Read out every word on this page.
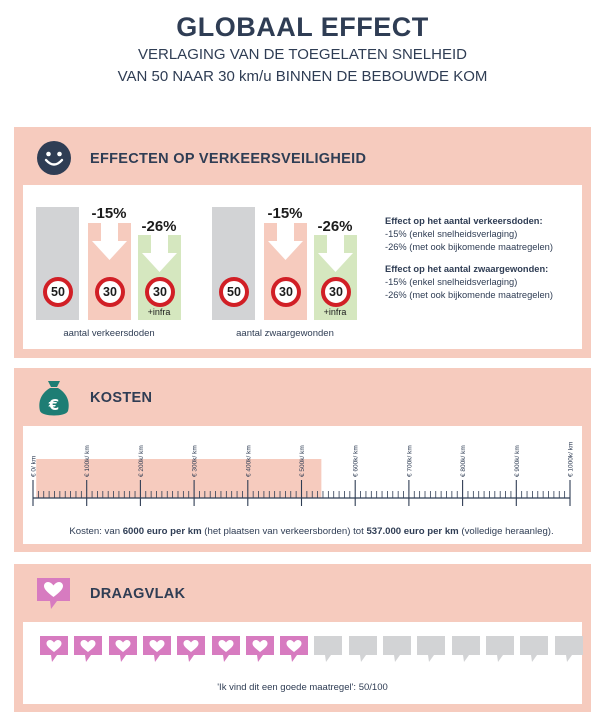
GLOBAAL EFFECT
VERLAGING VAN DE TOEGELATEN SNELHEID
VAN 50 NAAR 30 km/u BINNEN DE BEBOUWDE KOM
EFFECTEN OP VERKEERSVEILIGHEID
-15%
-26%
50	30	30
+infra
aantal verkeersdoden
-15%
-26%
50	30	30
+infra
aantal zwaargewonden
Effect op het aantal verkeersdoden:
-15% (enkel snelheidsverlaging)
-26% (met ook bijkomende maatregelen)
Effect op het aantal zwaargewonden:
-15% (enkel snelheidsverlaging)
-26% (met ook bijkomende maatregelen)
€ KOSTEN
€ 0/ km	€ 100k/ km	€ 200k/ km	€ 300k/ km	€ 400k/ km	€ 500k/ km	€ 600k/ km	€ 700k/ km	€ 800k/ km	€ 900k/ km	€ 1000k/ km
Kosten: van 6000 euro per km (het plaatsen van verkeersborden) tot 537.000 euro per km (volledige heraanleg).
DRAAGVLAK
'Ik vind dit een goede maatregel': 50/100
